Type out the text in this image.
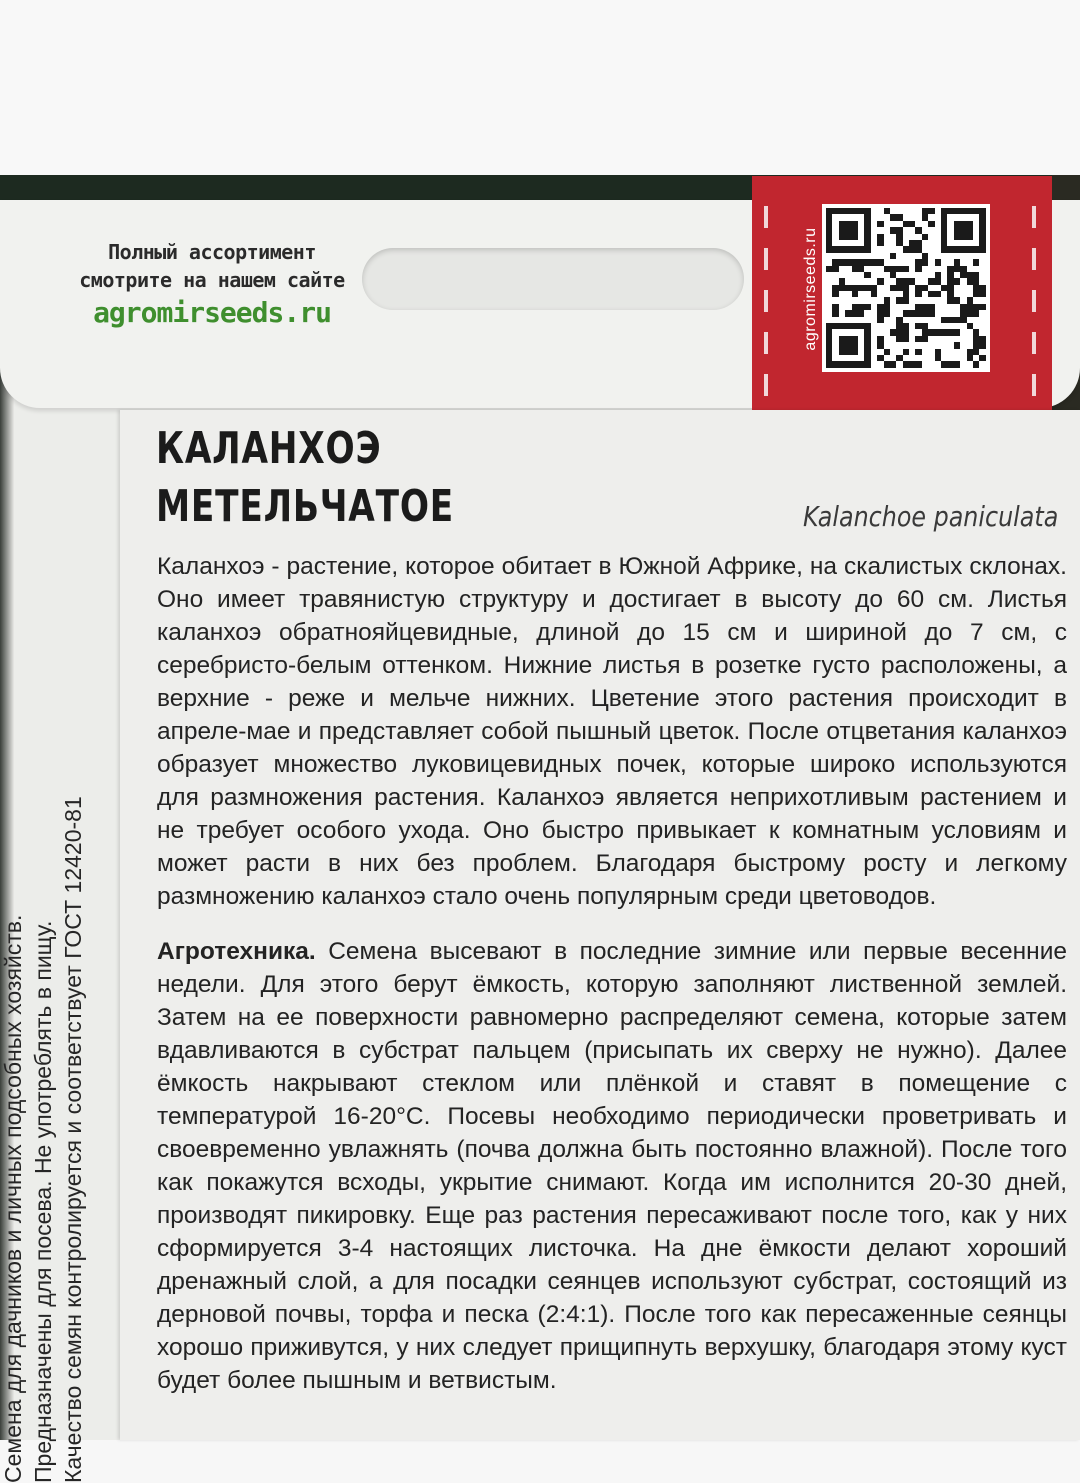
Полный ассортимент
смотрите на нашем сайте
agromirseeds.ru	agromirseeds.ru
КАЛАНХОЭ
МЕТЕЛЬЧАТОЕ	Kalanchoe paniculata
Каланхоэ - растение, которое обитает в Южной Африке, на скалистых склонах. Оно имеет травянистую структуру и достигает в высоту до 60 см. Листья каланхоэ обратнояйцевидные, длиной до 15 см и шириной до 7 см, с серебристо-белым оттенком. Нижние листья в розетке густо расположены, а верхние - реже и мельче нижних. Цветение этого растения происходит в апреле-мае и представляет собой пышный цветок. После отцветания каланхоэ образует множество луковицевидных почек, которые широко используются для размножения растения. Каланхоэ является неприхотливым растением и не требует особого ухода. Оно быстро привыкает к комнатным условиям и может расти в них без проблем. Благодаря быстрому росту и легкому размножению каланхоэ стало очень популярным среди цветоводов.
Агротехника. Семена высевают в последние зимние или первые весенние недели. Для этого берут ёмкость, которую заполняют лиственной землей. Затем на ее поверхности равномерно распределяют семена, которые затем вдавливаются в субстрат пальцем (присыпать их сверху не нужно). Далее ёмкость накрывают стеклом или плёнкой и ставят в помещение с температурой 16-20°С. Посевы необходимо периодически проветривать и своевременно увлажнять (почва должна быть постоянно влажной). После того как покажутся всходы, укрытие снимают. Когда им исполнится 20-30 дней, производят пикировку. Еще раз растения пересаживают после того, как у них сформируется 3-4 настоящих листочка. На дне ёмкости делают хороший дренажный слой, а для посадки сеянцев используют субстрат, состоящий из дерновой почвы, торфа и песка (2:4:1). После того как пересаженные сеянцы хорошо приживутся, у них следует прищипнуть верхушку, благодаря этому куст будет более пышным и ветвистым.
Семена для дачников и личных подсобных хозяйств. Предназначены для посева. Не употреблять в пищу. Качество семян контролируется и соответствует ГОСТ 12420-81
